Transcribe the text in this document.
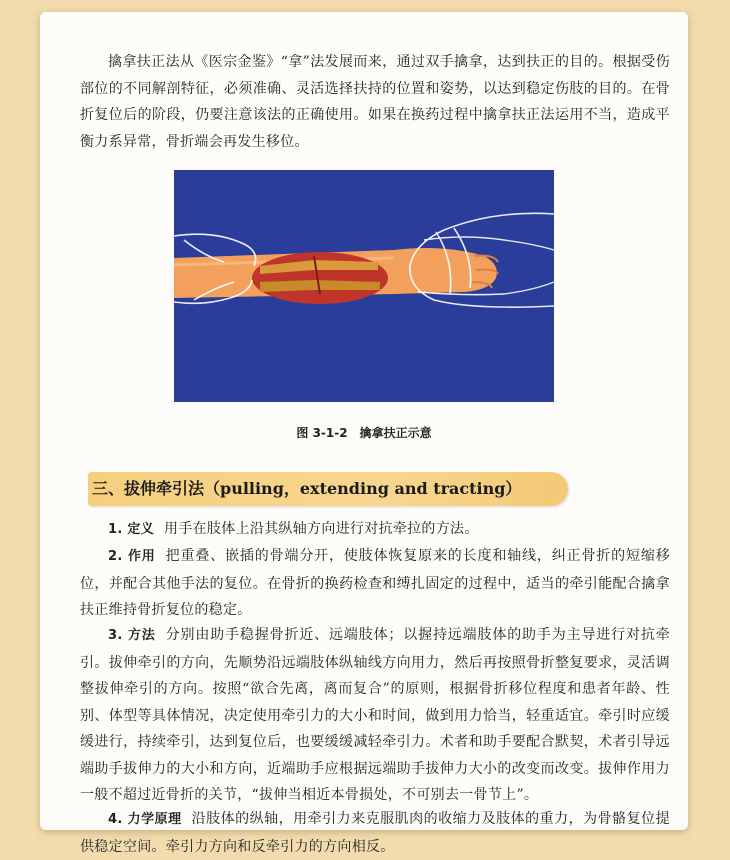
擒拿扶正法从《医宗金鉴》“拿”法发展而来，通过双手擒拿，达到扶正的目的。根据受伤部位的不同解剖特征，必须准确、灵活选择扶持的位置和姿势，以达到稳定伤肢的目的。在骨折复位后的阶段，仍要注意该法的正确使用。如果在换药过程中擒拿扶正法运用不当，造成平衡力系异常，骨折端会再发生移位。

图 3-1-2 擒拿扶正示意
三、拔伸牵引法（pulling，extending and tracting）

1. 定义 用手在肢体上沿其纵轴方向进行对抗牵拉的方法。

2. 作用 把重叠、嵌插的骨端分开，使肢体恢复原来的长度和轴线，纠正骨折的短缩移位，并配合其他手法的复位。在骨折的换药检查和缚扎固定的过程中，适当的牵引能配合擒拿扶正维持骨折复位的稳定。

3. 方法 分别由助手稳握骨折近、远端肢体；以握持远端肢体的助手为主导进行对抗牵引。拔伸牵引的方向，先顺势沿远端肢体纵轴线方向用力，然后再按照骨折整复要求，灵活调整拔伸牵引的方向。按照“欲合先离，离而复合”的原则，根据骨折移位程度和患者年龄、性别、体型等具体情况，决定使用牵引力的大小和时间，做到用力恰当，轻重适宜。牵引时应缓缓进行，持续牵引，达到复位后，也要缓缓减轻牵引力。术者和助手要配合默契，术者引导远端助手拔伸力的大小和方向，近端助手应根据远端助手拔伸力大小的改变而改变。拔伸作用力一般不超过近骨折的关节，“拔伸当相近本骨损处，不可别去一骨节上”。

4. 力学原理 沿肢体的纵轴，用牵引力来克服肌肉的收缩力及肢体的重力，为骨骼复位提供稳定空间。牵引力方向和反牵引力的方向相反。
